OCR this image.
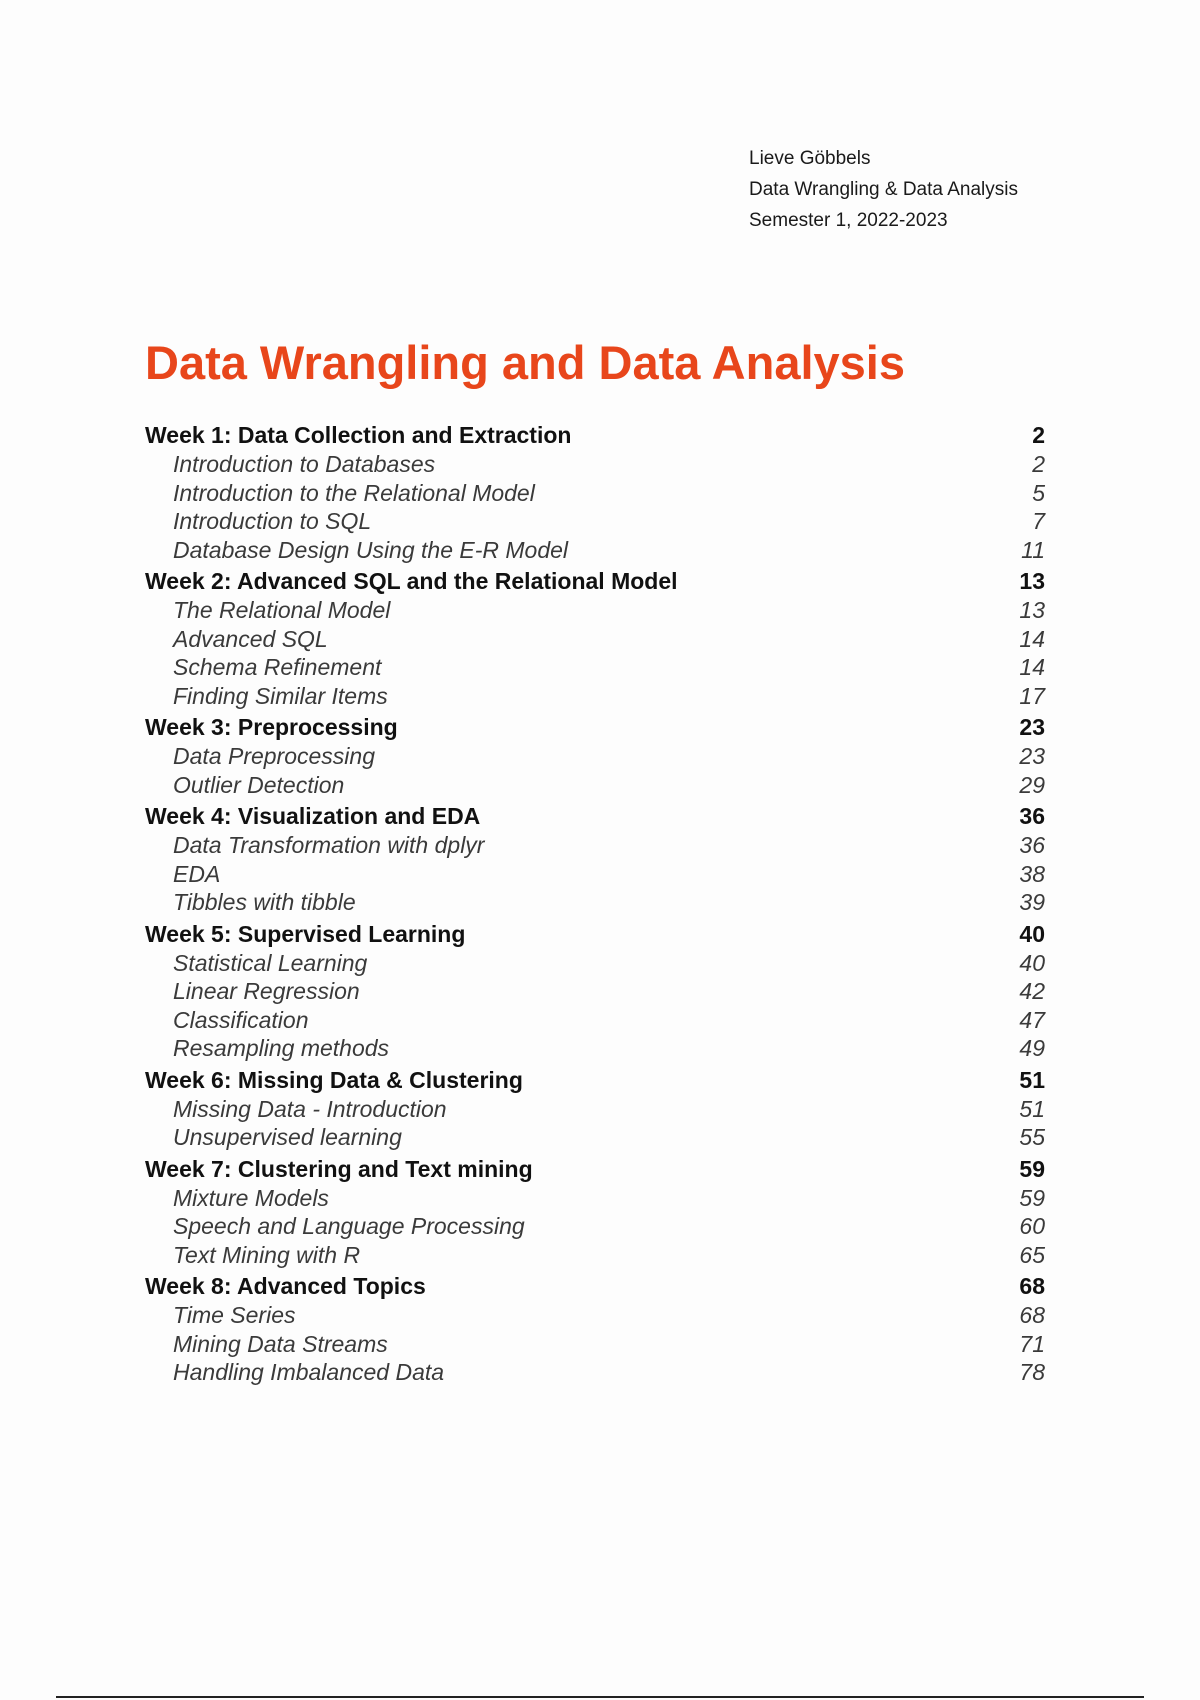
Lieve Göbbels
Data Wrangling & Data Analysis
Semester 1, 2022-2023
Data Wrangling and Data Analysis
Week 1: Data Collection and Extraction	2
Introduction to Databases	2
Introduction to the Relational Model	5
Introduction to SQL	7
Database Design Using the E-R Model	11
Week 2: Advanced SQL and the Relational Model	13
The Relational Model	13
Advanced SQL	14
Schema Refinement	14
Finding Similar Items	17
Week 3: Preprocessing	23
Data Preprocessing	23
Outlier Detection	29
Week 4: Visualization and EDA	36
Data Transformation with dplyr	36
EDA	38
Tibbles with tibble	39
Week 5: Supervised Learning	40
Statistical Learning	40
Linear Regression	42
Classification	47
Resampling methods	49
Week 6: Missing Data & Clustering	51
Missing Data - Introduction	51
Unsupervised learning	55
Week 7: Clustering and Text mining	59
Mixture Models	59
Speech and Language Processing	60
Text Mining with R	65
Week 8: Advanced Topics	68
Time Series	68
Mining Data Streams	71
Handling Imbalanced Data	78
